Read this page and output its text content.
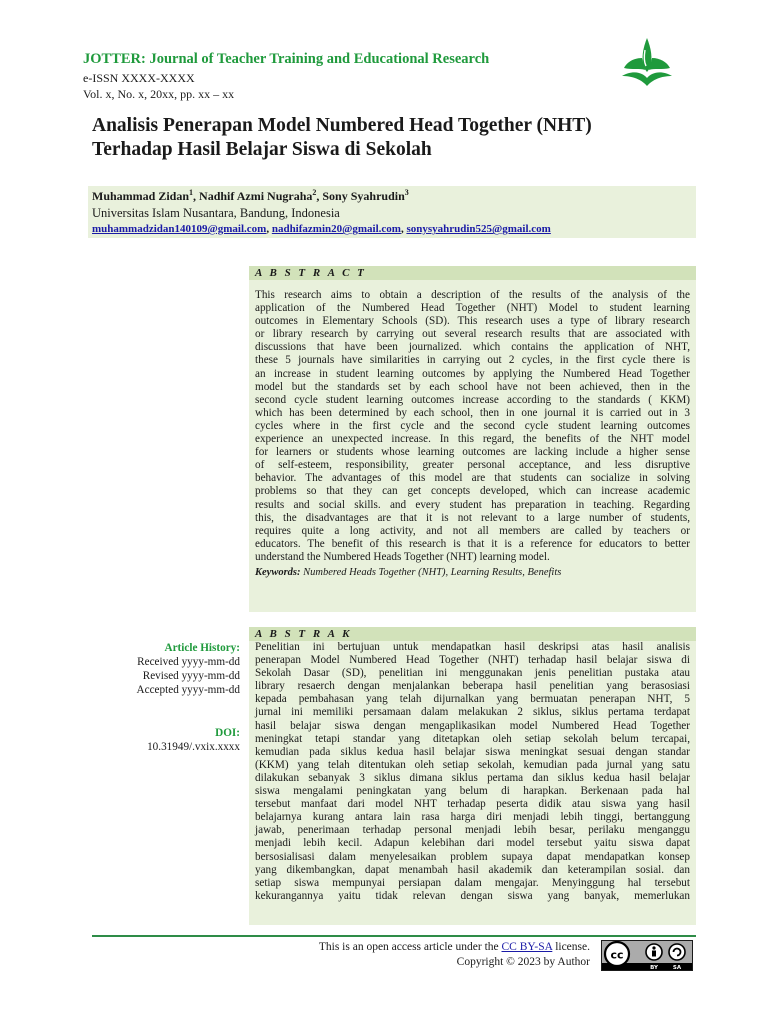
JOTTER: Journal of Teacher Training and Educational Research
e-ISSN XXXX-XXXX
Vol. x, No. x, 20xx, pp. xx – xx
Analisis Penerapan Model Numbered Head Together (NHT)
Terhadap Hasil Belajar Siswa di Sekolah
Muhammad Zidan$^1$, Nadhif Azmi Nugraha$^2$, Sony Syahrudin$^3$
Universitas Islam Nusantara, Bandung, Indonesia
muhammadzidan140109@gmail.com, nadhifazmin20@gmail.com, sonysyahrudin525@gmail.com
A B S T R A C T
This research aims to obtain a description of the results of the analysis of the
application of the Numbered Head Together (NHT) Model to student learning
outcomes in Elementary Schools (SD). This research uses a type of library research
or library research by carrying out several research results that are associated with
discussions that have been journalized. which contains the application of NHT,
these 5 journals have similarities in carrying out 2 cycles, in the first cycle there is
an increase in student learning outcomes by applying the Numbered Head Together
model but the standards set by each school have not been achieved, then in the
second cycle student learning outcomes increase according to the standards ( KKM)
which has been determined by each school, then in one journal it is carried out in 3
cycles where in the first cycle and the second cycle student learning outcomes
experience an unexpected increase. In this regard, the benefits of the NHT model
for learners or students whose learning outcomes are lacking include a higher sense
of self-esteem, responsibility, greater personal acceptance, and less disruptive
behavior. The advantages of this model are that students can socialize in solving
problems so that they can get concepts developed, which can increase academic
results and social skills. and every student has preparation in teaching. Regarding
this, the disadvantages are that it is not relevant to a large number of students,
requires quite a long activity, and not all members are called by teachers or
educators. The benefit of this research is that it is a reference for educators to better
understand the Numbered Heads Together (NHT) learning model.
Keywords: Numbered Heads Together (NHT), Learning Results, Benefits
A B S T R A K
Penelitian ini bertujuan untuk mendapatkan hasil deskripsi atas hasil analisis
penerapan Model Numbered Head Together (NHT) terhadap hasil belajar siswa di
Sekolah Dasar (SD), penelitian ini menggunakan jenis penelitian pustaka atau
library resaerch dengan menjalankan beberapa hasil penelitian yang berasosiasi
kepada pembahasan yang telah dijurnalkan yang bermuatan penerapan NHT, 5
jurnal ini memiliki persamaan dalam melakukan 2 siklus, siklus pertama terdapat
hasil belajar siswa dengan mengaplikasikan model Numbered Head Together
meningkat tetapi standar yang ditetapkan oleh setiap sekolah belum tercapai,
kemudian pada siklus kedua hasil belajar siswa meningkat sesuai dengan standar
(KKM) yang telah ditentukan oleh setiap sekolah, kemudian pada jurnal yang satu
dilakukan sebanyak 3 siklus dimana siklus pertama dan siklus kedua hasil belajar
siswa mengalami peningkatan yang belum di harapkan. Berkenaan pada hal
tersebut manfaat dari model NHT terhadap peserta didik atau siswa yang hasil
belajarnya kurang antara lain rasa harga diri menjadi lebih tinggi, bertanggung
jawab, penerimaan terhadap personal menjadi lebih besar, perilaku menganggu
menjadi lebih kecil. Adapun kelebihan dari model tersebut yaitu siswa dapat
bersosialisasi dalam menyelesaikan problem supaya dapat mendapatkan konsep
yang dikembangkan, dapat menambah hasil akademik dan keterampilan sosial. dan
setiap siswa mempunyai persiapan dalam mengajar. Menyinggung hal tersebut
kekurangannya yaitu tidak relevan dengan siswa yang banyak, memerlukan
Article History:
Received yyyy-mm-dd
Revised yyyy-mm-dd
Accepted yyyy-mm-dd
DOI:
10.31949/.vxix.xxxx
This is an open access article under the CC BY-SA license.
Copyright © 2023 by Author
cc
BY	SA
